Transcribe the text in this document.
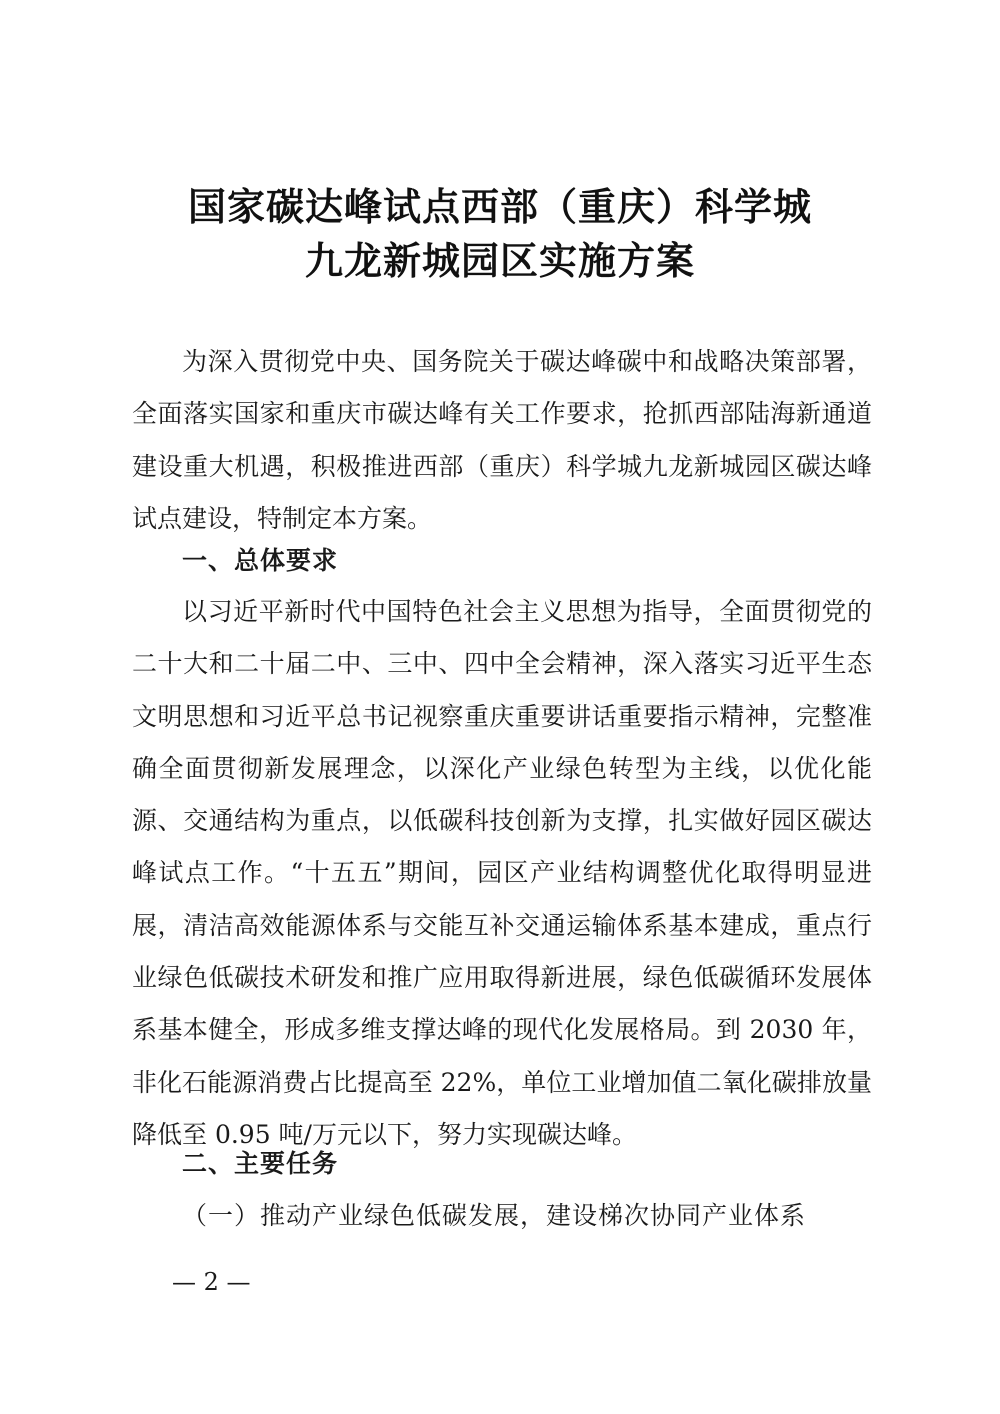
国家碳达峰试点西部（重庆）科学城
九龙新城园区实施方案
为深入贯彻党中央、国务院关于碳达峰碳中和战略决策部署，全面落实国家和重庆市碳达峰有关工作要求，抢抓西部陆海新通道建设重大机遇，积极推进西部（重庆）科学城九龙新城园区碳达峰试点建设，特制定本方案。
一、总体要求
以习近平新时代中国特色社会主义思想为指导，全面贯彻党的二十大和二十届二中、三中、四中全会精神，深入落实习近平生态文明思想和习近平总书记视察重庆重要讲话重要指示精神，完整准确全面贯彻新发展理念，以深化产业绿色转型为主线，以优化能源、交通结构为重点，以低碳科技创新为支撑，扎实做好园区碳达峰试点工作。“十五五”期间，园区产业结构调整优化取得明显进展，清洁高效能源体系与交能互补交通运输体系基本建成，重点行业绿色低碳技术研发和推广应用取得新进展，绿色低碳循环发展体系基本健全，形成多维支撑达峰的现代化发展格局。到 2030 年，非化石能源消费占比提高至 22%，单位工业增加值二氧化碳排放量降低至 0.95 吨/万元以下，努力实现碳达峰。
二、主要任务
（一）推动产业绿色低碳发展，建设梯次协同产业体系
— 2 —
